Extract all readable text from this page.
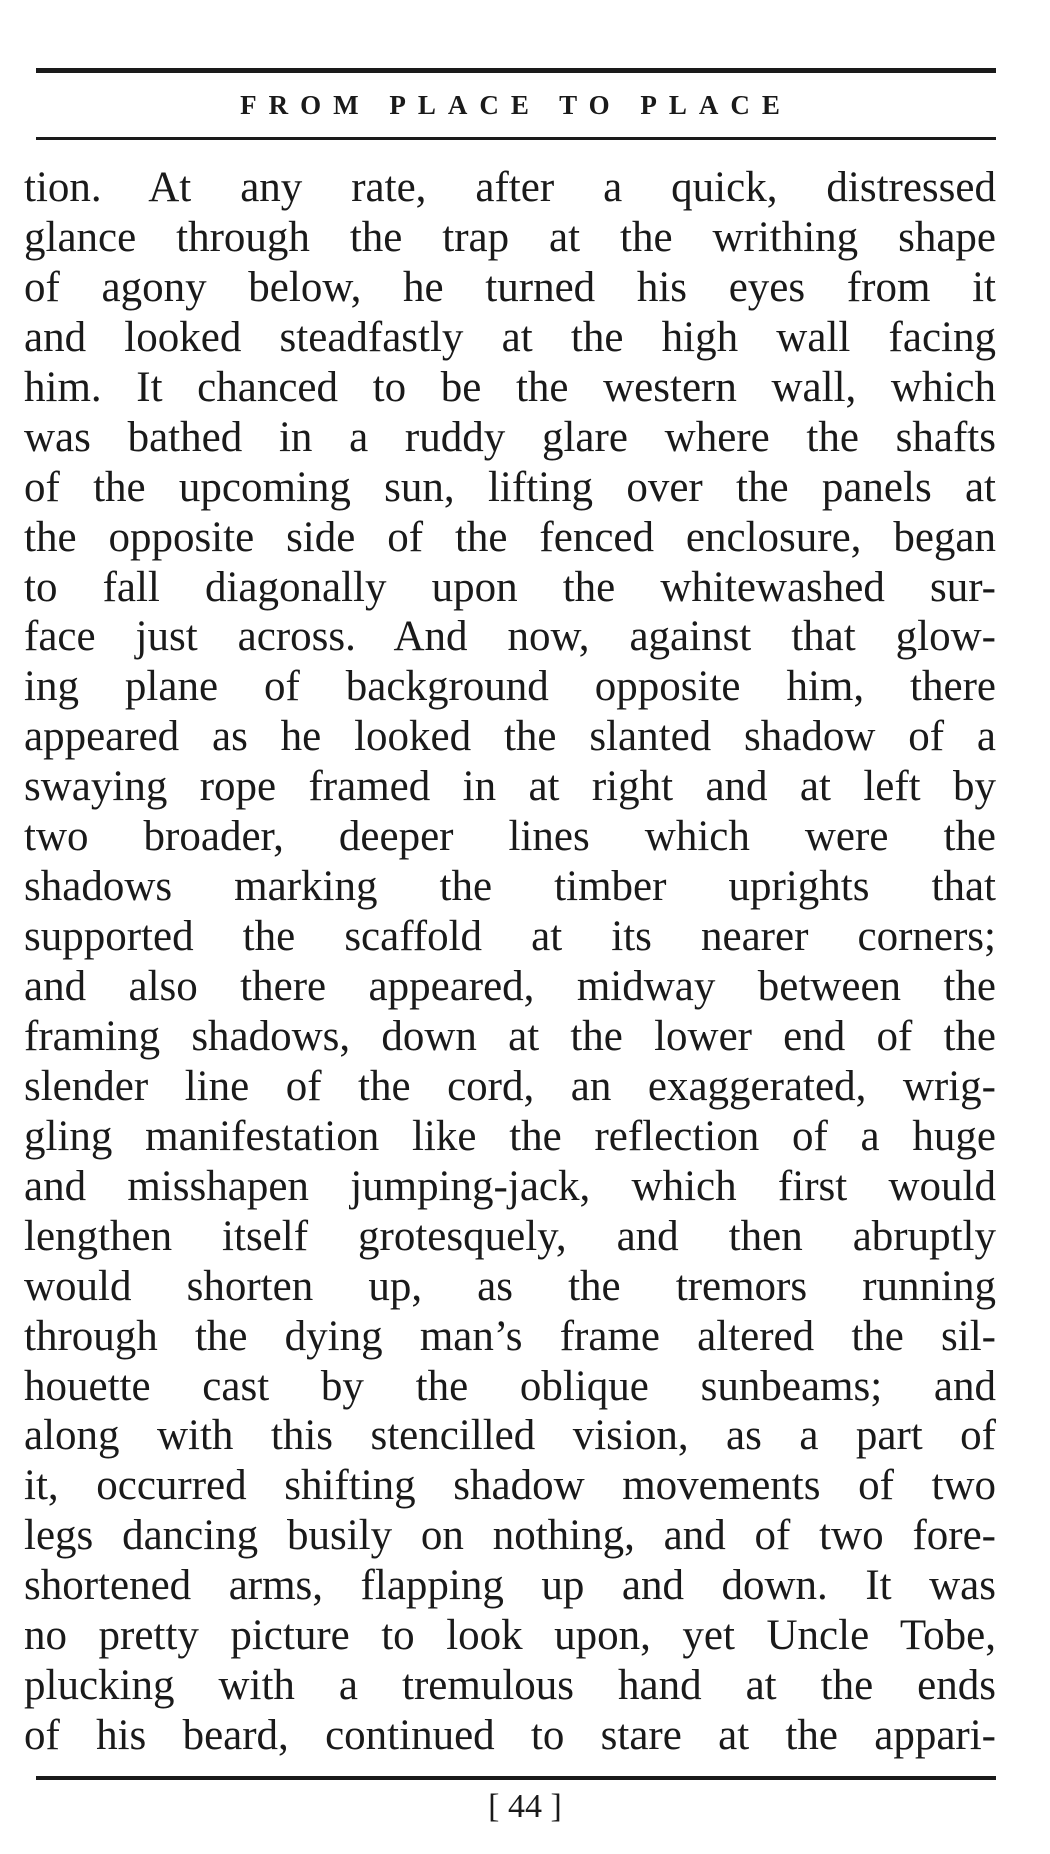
FROM PLACE TO PLACE
tion. At any rate, after a quick, distressed
glance through the trap at the writhing shape
of agony below, he turned his eyes from it
and looked steadfastly at the high wall facing
him. It chanced to be the western wall, which
was bathed in a ruddy glare where the shafts
of the upcoming sun, lifting over the panels at
the opposite side of the fenced enclosure, began
to fall diagonally upon the whitewashed sur-
face just across. And now, against that glow-
ing plane of background opposite him, there
appeared as he looked the slanted shadow of a
swaying rope framed in at right and at left by
two broader, deeper lines which were the
shadows marking the timber uprights that
supported the scaffold at its nearer corners;
and also there appeared, midway between the
framing shadows, down at the lower end of the
slender line of the cord, an exaggerated, wrig-
gling manifestation like the reflection of a huge
and misshapen jumping-jack, which first would
lengthen itself grotesquely, and then abruptly
would shorten up, as the tremors running
through the dying man’s frame altered the sil-
houette cast by the oblique sunbeams; and
along with this stencilled vision, as a part of
it, occurred shifting shadow movements of two
legs dancing busily on nothing, and of two fore-
shortened arms, flapping up and down. It was
no pretty picture to look upon, yet Uncle Tobe,
plucking with a tremulous hand at the ends
of his beard, continued to stare at the appari-
[ 44 ]
